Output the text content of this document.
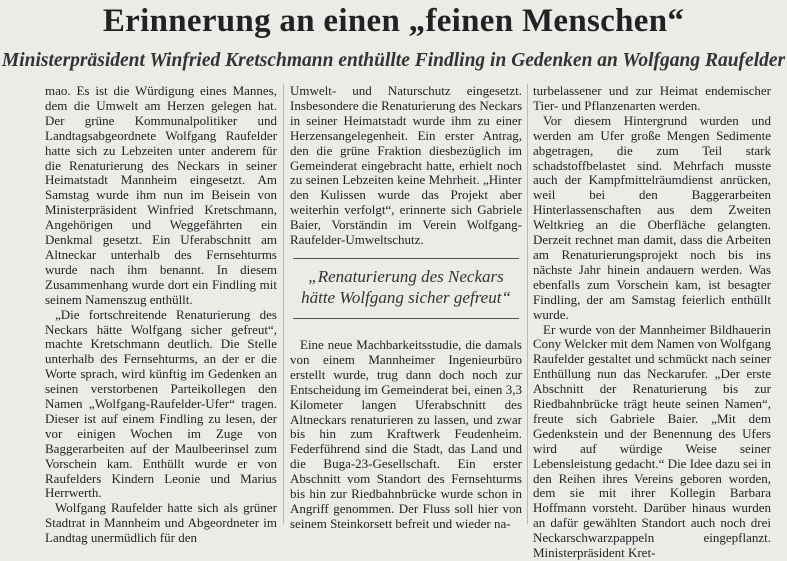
Erinnerung an einen „feinen Menschen“
Ministerpräsident Winfried Kretschmann enthüllte Findling in Gedenken an Wolfgang Raufelder

mao. Es ist die Würdigung eines Mannes, dem die Umwelt am Herzen gelegen hat. Der grüne Kommunalpolitiker und Landtagsabgeordnete Wolfgang Raufelder hatte sich zu Lebzeiten unter anderem für die Renaturierung des Neckars in seiner Heimatstadt Mannheim eingesetzt. Am Samstag wurde ihm nun im Beisein von Ministerpräsident Winfried Kretschmann, Angehörigen und Weggefährten ein Denkmal gesetzt. Ein Uferabschnitt am Altneckar unterhalb des Fernsehturms wurde nach ihm benannt. In diesem Zusammenhang wurde dort ein Findling mit seinem Namenszug enthüllt.

„Die fortschreitende Renaturierung des Neckars hätte Wolfgang sicher gefreut“, machte Kretschmann deutlich. Die Stelle unterhalb des Fernsehturms, an der er die Worte sprach, wird künftig im Gedenken an seinen verstorbenen Parteikollegen den Namen „Wolfgang-Raufelder-Ufer“ tragen. Dieser ist auf einem Findling zu lesen, der vor einigen Wochen im Zuge von Baggerarbeiten auf der Maulbeerinsel zum Vorschein kam. Enthüllt wurde er von Raufelders Kindern Leonie und Marius Herrwerth.

Wolfgang Raufelder hatte sich als grüner Stadtrat in Mannheim und Abgeordneter im Landtag unermüdlich für den

Umwelt- und Naturschutz eingesetzt. Insbesondere die Renaturierung des Neckars in seiner Heimatstadt wurde ihm zu einer Herzensangelegenheit. Ein erster Antrag, den die grüne Fraktion diesbezüglich im Gemeinderat eingebracht hatte, erhielt noch zu seinen Lebzeiten keine Mehrheit. „Hinter den Kulissen wurde das Projekt aber weiterhin verfolgt“, erinnerte sich Gabriele Baier, Vorständin im Verein Wolfgang-Raufelder-Umweltschutz.

„Renaturierung des Neckars hätte Wolfgang sicher gefreut“

Eine neue Machbarkeitsstudie, die damals von einem Mannheimer Ingenieurbüro erstellt wurde, trug dann doch noch zur Entscheidung im Gemeinderat bei, einen 3,3 Kilometer langen Uferabschnitt des Altneckars renaturieren zu lassen, und zwar bis hin zum Kraftwerk Feudenheim. Federführend sind die Stadt, das Land und die Buga-23-Gesellschaft. Ein erster Abschnitt vom Standort des Fernsehturms bis hin zur Riedbahnbrücke wurde schon in Angriff genommen. Der Fluss soll hier von seinem Steinkorsett befreit und wieder na-

turbelassener und zur Heimat endemischer Tier- und Pflanzenarten werden.

Vor diesem Hintergrund wurden und werden am Ufer große Mengen Sedimente abgetragen, die zum Teil stark schadstoffbelastet sind. Mehrfach musste auch der Kampfmittelräumdienst anrücken, weil bei den Baggerarbeiten Hinterlassenschaften aus dem Zweiten Weltkrieg an die Oberfläche gelangten. Derzeit rechnet man damit, dass die Arbeiten am Renaturierungsprojekt noch bis ins nächste Jahr hinein andauern werden. Was ebenfalls zum Vorschein kam, ist besagter Findling, der am Samstag feierlich enthüllt wurde.

Er wurde von der Mannheimer Bildhauerin Cony Welcker mit dem Namen von Wolfgang Raufelder gestaltet und schmückt nach seiner Enthüllung nun das Neckarufer. „Der erste Abschnitt der Renaturierung bis zur Riedbahnbrücke trägt heute seinen Namen“, freute sich Gabriele Baier. „Mit dem Gedenkstein und der Benennung des Ufers wird auf würdige Weise seiner Lebensleistung gedacht.“ Die Idee dazu sei in den Reihen ihres Vereins geboren worden, dem sie mit ihrer Kollegin Barbara Hoffmann vorsteht. Darüber hinaus wurden an dafür gewählten Standort auch noch drei Neckarschwarzpappeln eingepflanzt. Ministerpräsident Kret-
